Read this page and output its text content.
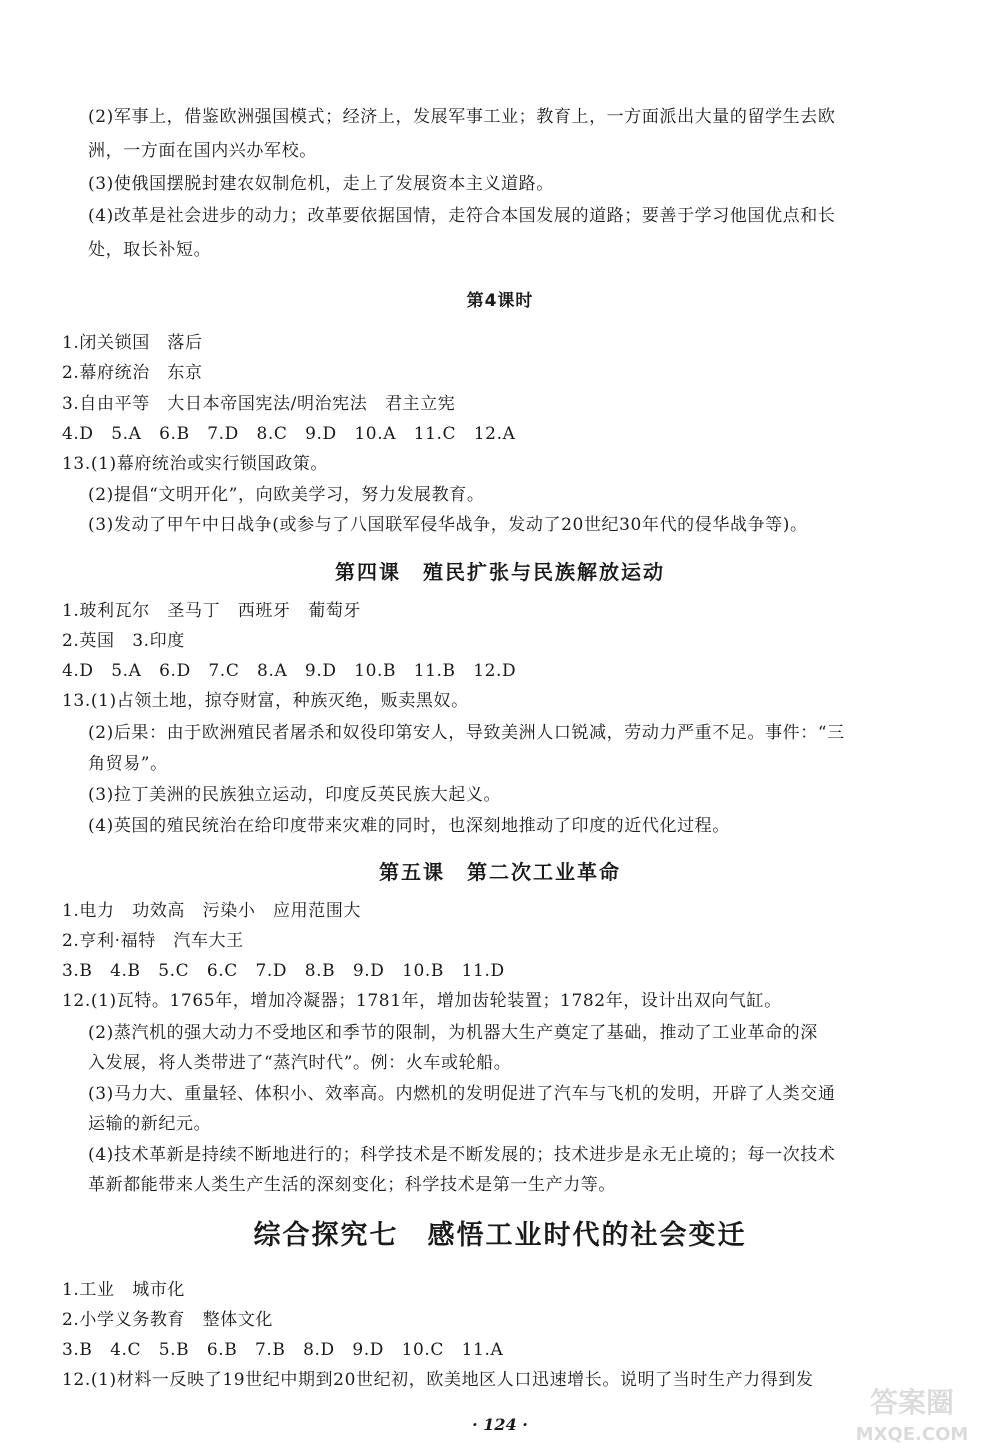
(2)军事上，借鉴欧洲强国模式；经济上，发展军事工业；教育上，一方面派出大量的留学生去欧
洲，一方面在国内兴办军校。
(3)使俄国摆脱封建农奴制危机，走上了发展资本主义道路。
(4)改革是社会进步的动力；改革要依据国情，走符合本国发展的道路；要善于学习他国优点和长
处，取长补短。
第4课时
1.闭关锁国　落后
2.幕府统治　东京
3.自由平等　大日本帝国宪法/明治宪法　君主立宪
4.D　5.A　6.B　7.D　8.C　9.D　10.A　11.C　12.A
13.(1)幕府统治或实行锁国政策。
(2)提倡“文明开化”，向欧美学习，努力发展教育。
(3)发动了甲午中日战争(或参与了八国联军侵华战争，发动了20世纪30年代的侵华战争等)。
第四课　殖民扩张与民族解放运动
1.玻利瓦尔　圣马丁　西班牙　葡萄牙
2.英国　3.印度
4.D　5.A　6.D　7.C　8.A　9.D　10.B　11.B　12.D
13.(1)占领土地，掠夺财富，种族灭绝，贩卖黑奴。
(2)后果：由于欧洲殖民者屠杀和奴役印第安人，导致美洲人口锐减，劳动力严重不足。事件：“三
角贸易”。
(3)拉丁美洲的民族独立运动，印度反英民族大起义。
(4)英国的殖民统治在给印度带来灾难的同时，也深刻地推动了印度的近代化过程。
第五课　第二次工业革命
1.电力　功效高　污染小　应用范围大
2.亨利·福特　汽车大王
3.B　4.B　5.C　6.C　7.D　8.B　9.D　10.B　11.D
12.(1)瓦特。1765年，增加冷凝器；1781年，增加齿轮装置；1782年，设计出双向气缸。
(2)蒸汽机的强大动力不受地区和季节的限制，为机器大生产奠定了基础，推动了工业革命的深
入发展，将人类带进了“蒸汽时代”。例：火车或轮船。
(3)马力大、重量轻、体积小、效率高。内燃机的发明促进了汽车与飞机的发明，开辟了人类交通
运输的新纪元。
(4)技术革新是持续不断地进行的；科学技术是不断发展的；技术进步是永无止境的；每一次技术
革新都能带来人类生产生活的深刻变化；科学技术是第一生产力等。
综合探究七　感悟工业时代的社会变迁
1.工业　城市化
2.小学义务教育　整体文化
3.B　4.C　5.B　6.B　7.B　8.D　9.D　10.C　11.A
12.(1)材料一反映了19世纪中期到20世纪初，欧美地区人口迅速增长。说明了当时生产力得到发
· 124 ·
答案圈
MXQE.COM
